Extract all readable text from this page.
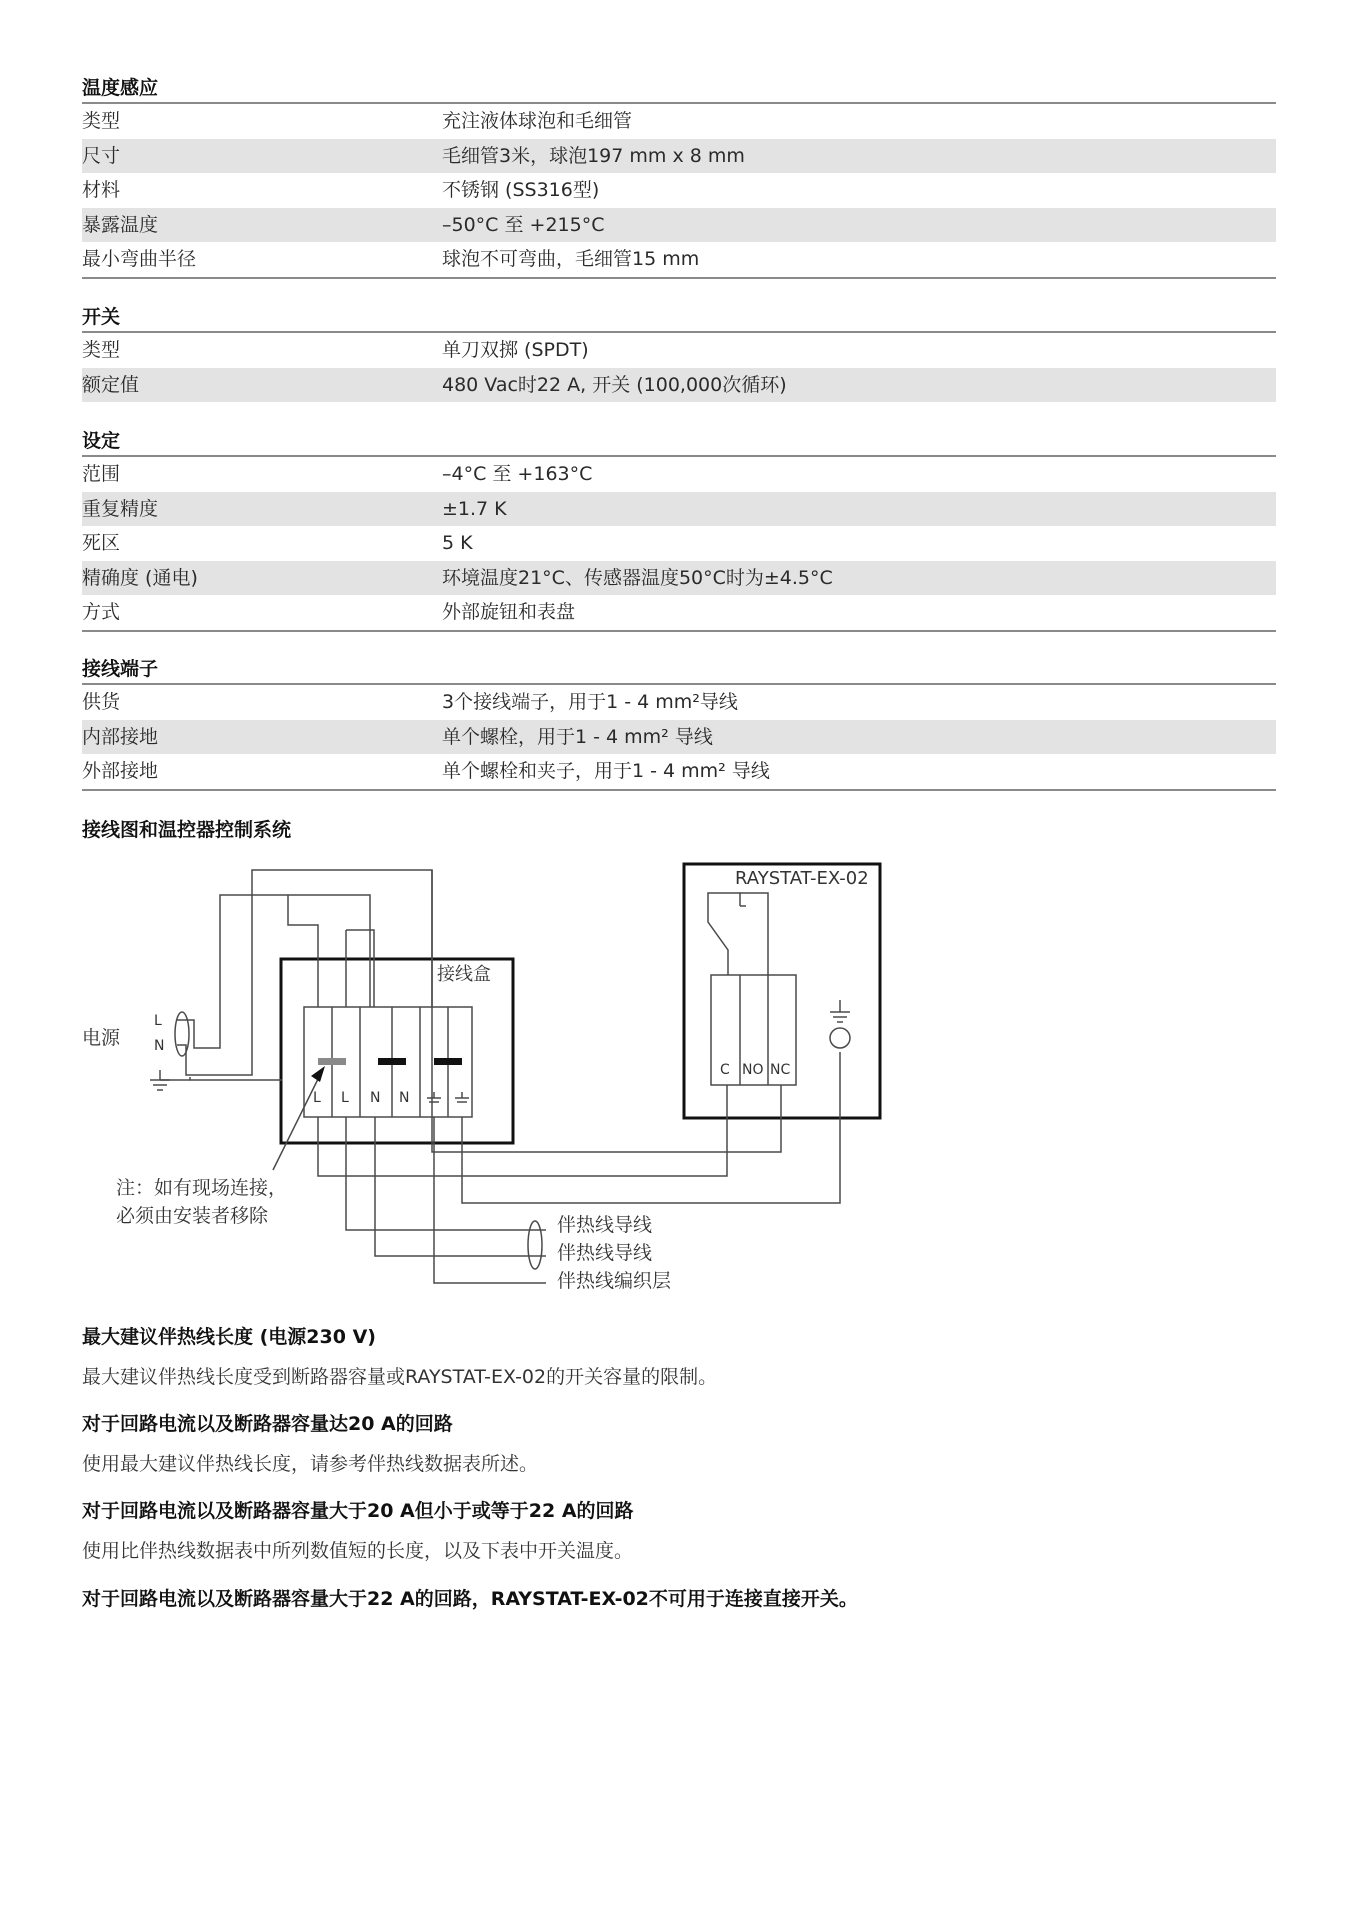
温度感应
类型	充注液体球泡和毛细管
尺寸	毛细管3米，球泡197 mm x 8 mm
材料	不锈钢 (SS316型)
暴露温度	–50°C 至 +215°C
最小弯曲半径	球泡不可弯曲，毛细管15 mm
开关
类型	单刀双掷 (SPDT)
额定值	480 Vac时22 A, 开关 (100,000次循环)
设定
范围	–4°C 至 +163°C
重复精度	±1.7 K
死区	5 K
精确度 (通电)	环境温度21°C、传感器温度50°C时为±4.5°C
方式	外部旋钮和表盘
接线端子
供货	3个接线端子，用于1 - 4 mm²导线
内部接地	单个螺栓，用于1 - 4 mm² 导线
外部接地	单个螺栓和夹子，用于1 - 4 mm² 导线
接线图和温控器控制系统
RAYSTAT-EX-02
接线盒
电源
L
N
L L N N
C NO NC
注：如有现场连接，
必须由安装者移除	伴热线导线
伴热线导线
伴热线编织层
最大建议伴热线长度 (电源230 V)
最大建议伴热线长度受到断路器容量或RAYSTAT-EX-02的开关容量的限制。
对于回路电流以及断路器容量达20 A的回路
使用最大建议伴热线长度，请参考伴热线数据表所述。
对于回路电流以及断路器容量大于20 A但小于或等于22 A的回路
使用比伴热线数据表中所列数值短的长度，以及下表中开关温度。
对于回路电流以及断路器容量大于22 A的回路，RAYSTAT-EX-02不可用于连接直接开关。
